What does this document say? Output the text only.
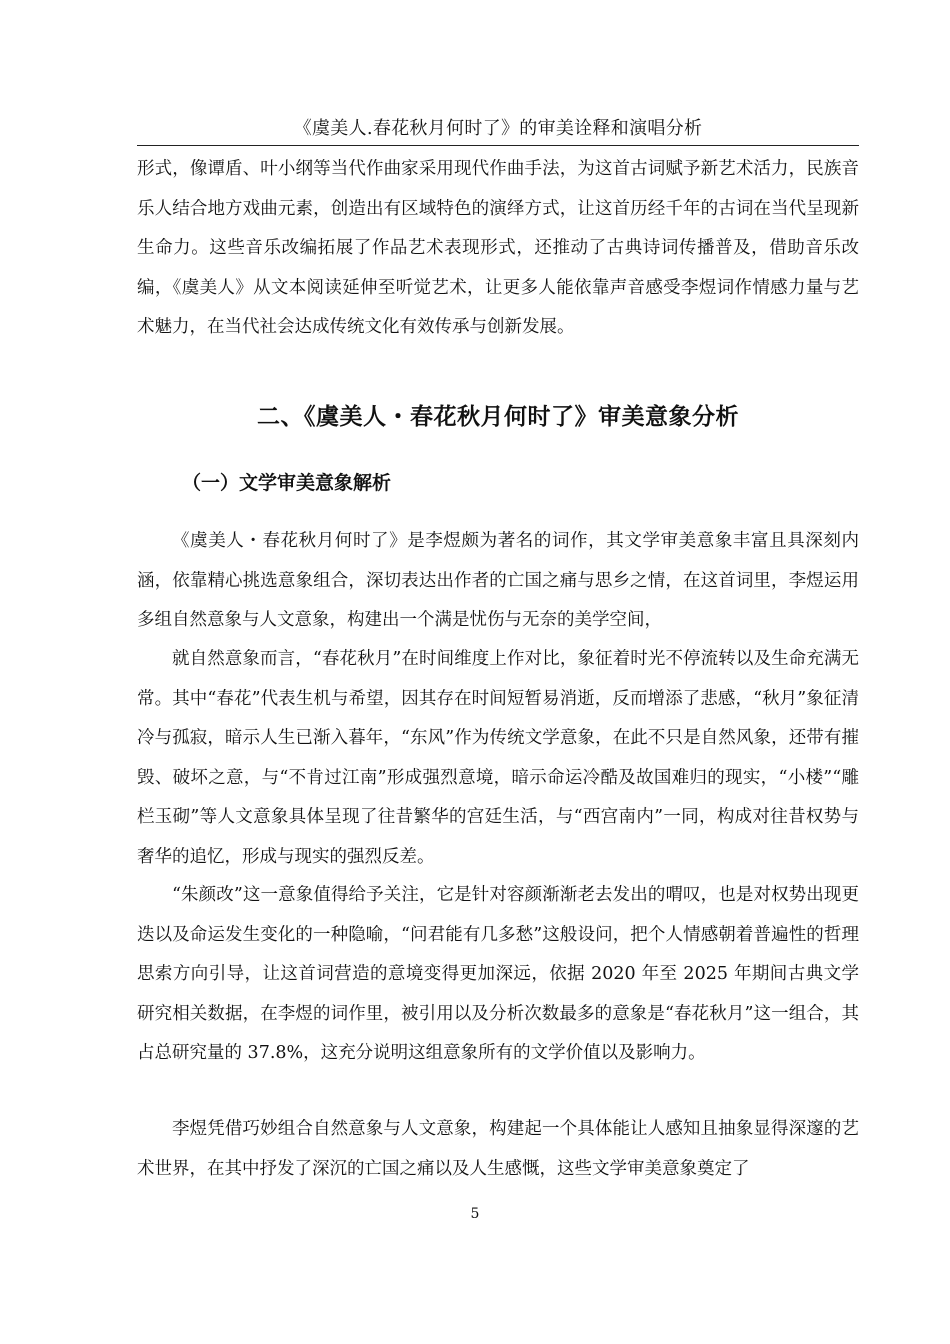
《虞美人.春花秋月何时了》的审美诠释和演唱分析

形式，像谭盾、叶小纲等当代作曲家采用现代作曲手法，为这首古词赋予新艺术活力，民族音乐人结合地方戏曲元素，创造出有区域特色的演绎方式，让这首历经千年的古词在当代呈现新生命力。这些音乐改编拓展了作品艺术表现形式，还推动了古典诗词传播普及，借助音乐改编，《虞美人》从文本阅读延伸至听觉艺术，让更多人能依靠声音感受李煜词作情感力量与艺术魅力，在当代社会达成传统文化有效传承与创新发展。

二、《虞美人・春花秋月何时了》审美意象分析
（一）文学审美意象解析

《虞美人・春花秋月何时了》是李煜颇为著名的词作，其文学审美意象丰富且具深刻内涵，依靠精心挑选意象组合，深切表达出作者的亡国之痛与思乡之情，在这首词里，李煜运用多组自然意象与人文意象，构建出一个满是忧伤与无奈的美学空间，

就自然意象而言，“春花秋月”在时间维度上作对比，象征着时光不停流转以及生命充满无常。其中“春花”代表生机与希望，因其存在时间短暂易消逝，反而增添了悲感，“秋月”象征清冷与孤寂，暗示人生已渐入暮年，“东风”作为传统文学意象，在此不只是自然风象，还带有摧毁、破坏之意，与“不肯过江南”形成强烈意境，暗示命运冷酷及故国难归的现实，“小楼”“雕栏玉砌”等人文意象具体呈现了往昔繁华的宫廷生活，与“西宫南内”一同，构成对往昔权势与奢华的追忆，形成与现实的强烈反差。

“朱颜改”这一意象值得给予关注，它是针对容颜渐渐老去发出的喟叹，也是对权势出现更迭以及命运发生变化的一种隐喻，“问君能有几多愁”这般设问，把个人情感朝着普遍性的哲理思索方向引导，让这首词营造的意境变得更加深远，依据 2020 年至 2025 年期间古典文学研究相关数据，在李煜的词作里，被引用以及分析次数最多的意象是“春花秋月”这一组合，其占总研究量的 37.8%，这充分说明这组意象所有的文学价值以及影响力。

李煜凭借巧妙组合自然意象与人文意象，构建起一个具体能让人感知且抽象显得深邃的艺术世界，在其中抒发了深沉的亡国之痛以及人生感慨，这些文学审美意象奠定了

5
